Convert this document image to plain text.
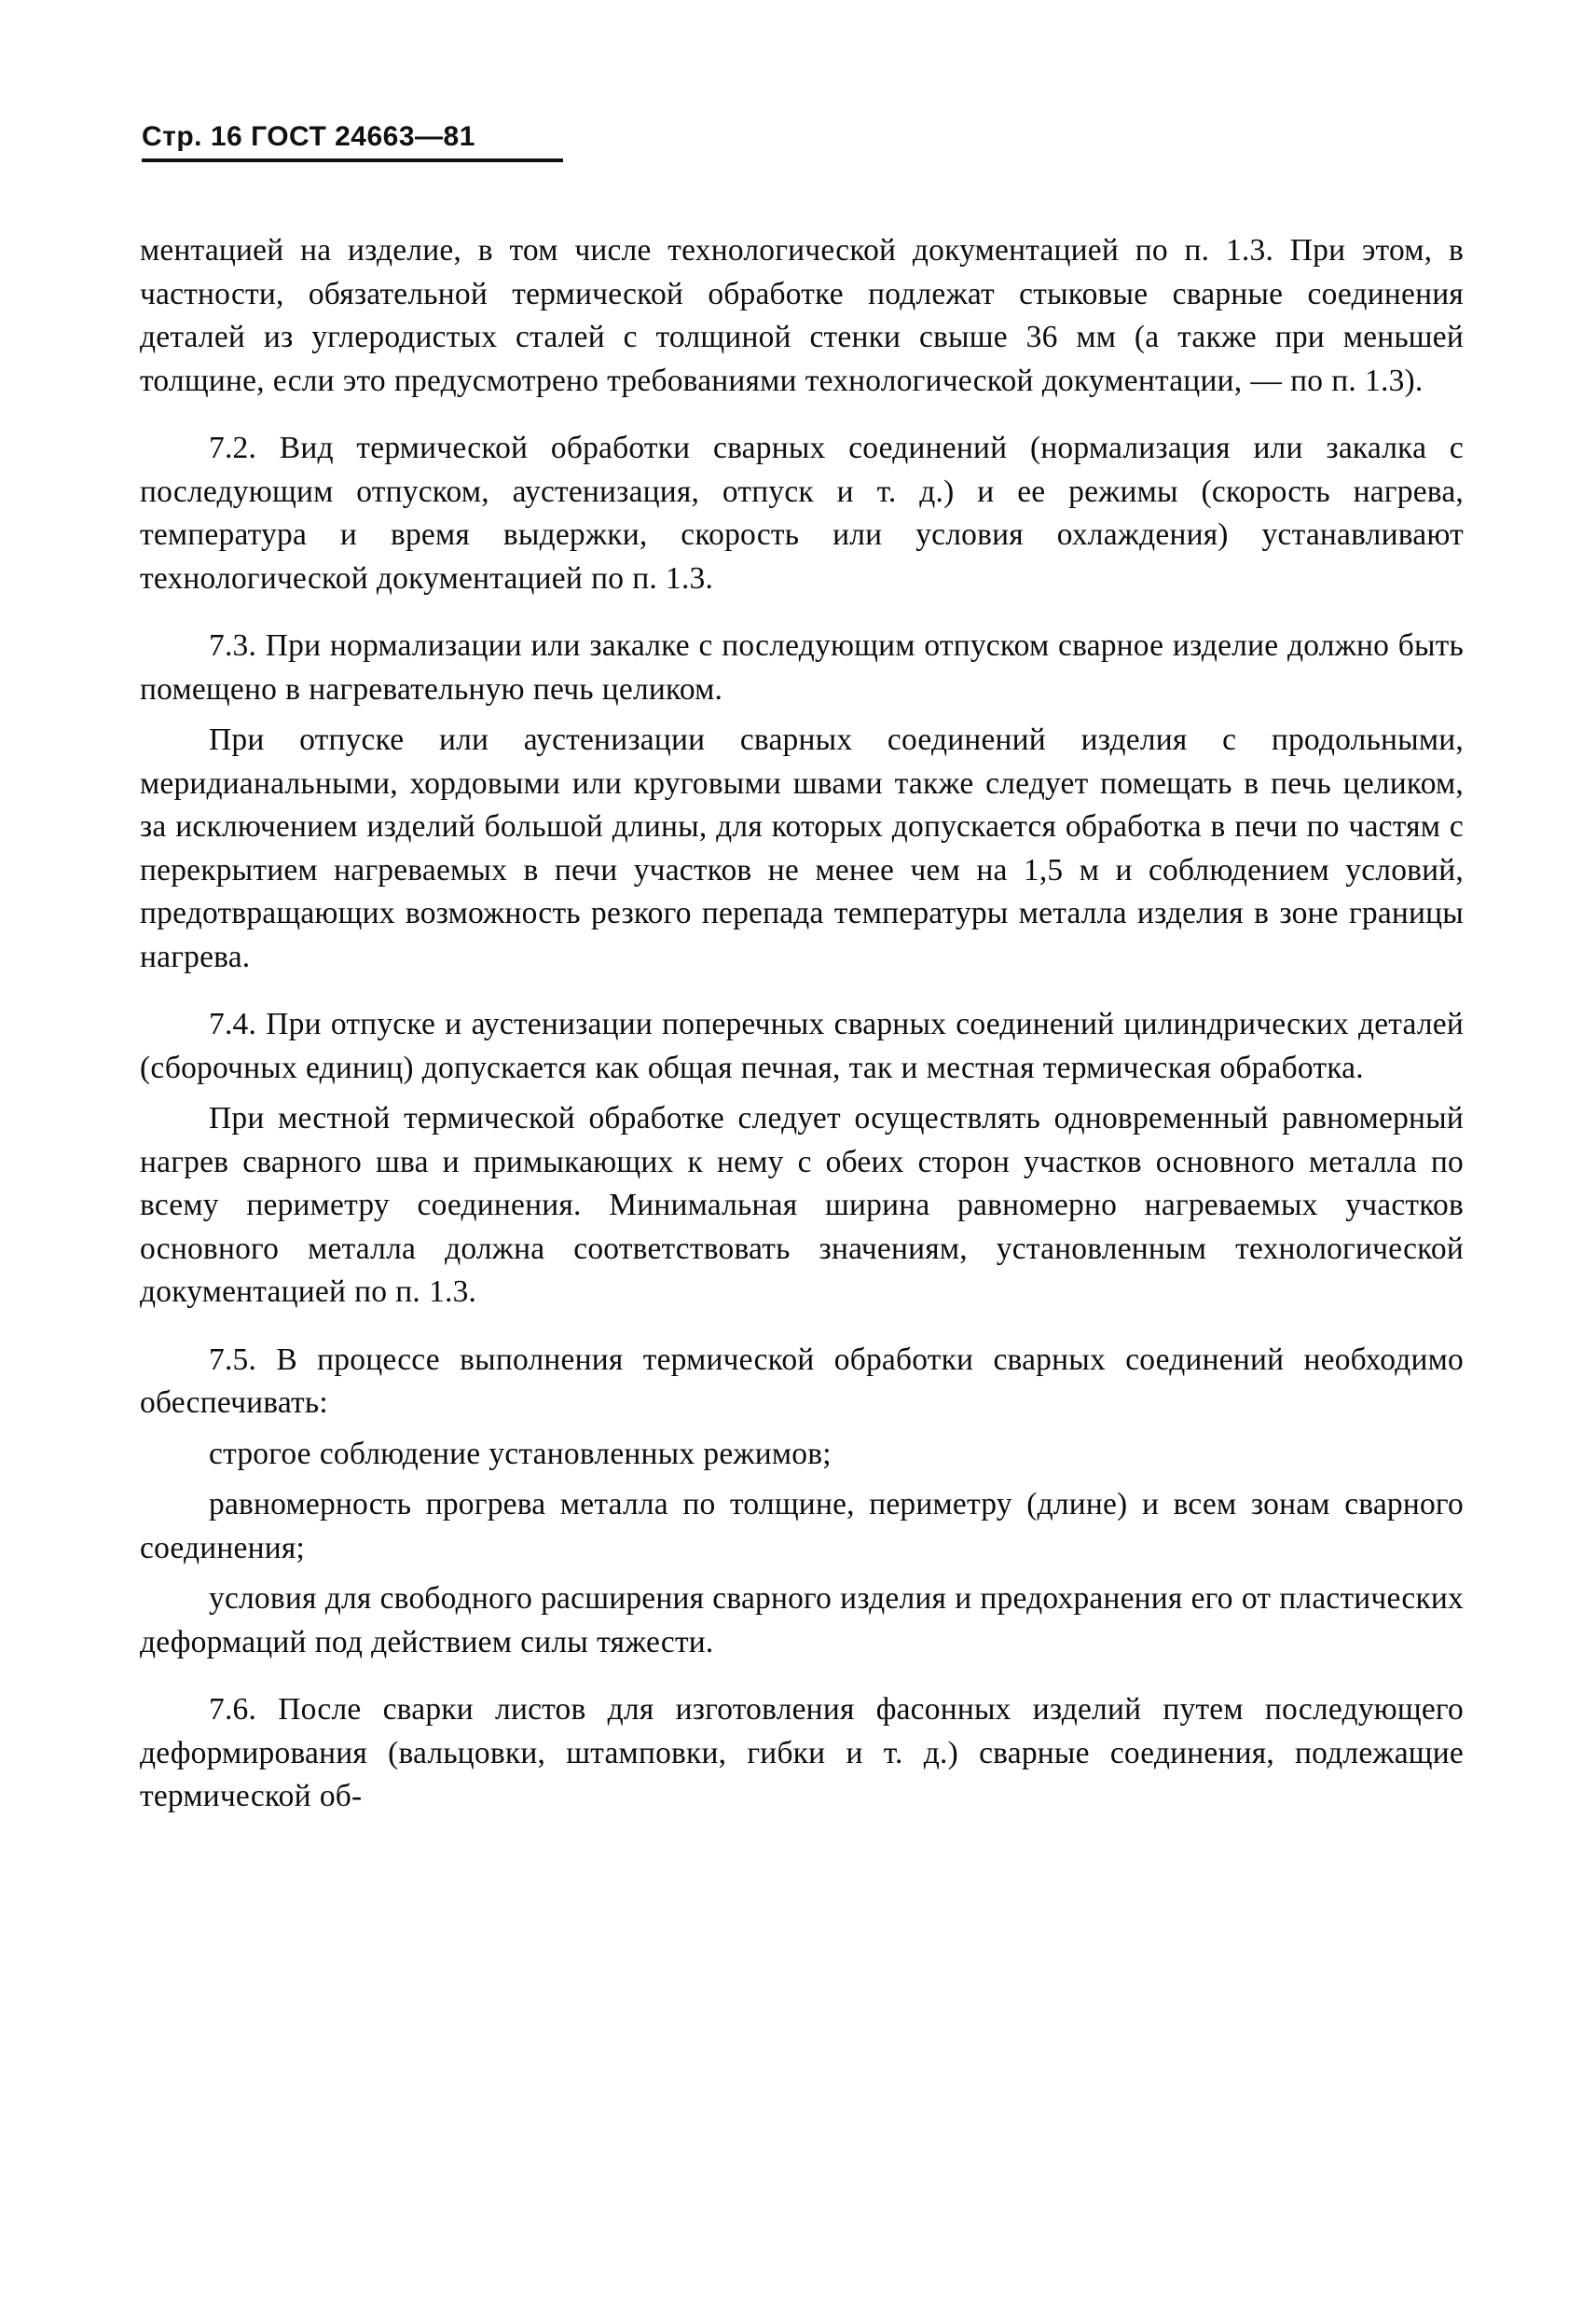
Стр. 16 ГОСТ 24663—81

ментацией на изделие, в том числе технологической документацией по п. 1.3. При этом, в частности, обязательной термической обработке подлежат стыковые сварные соединения деталей из углеродистых сталей с толщиной стенки свыше 36 мм (а также при меньшей толщине, если это предусмотрено требованиями технологической документации, — по п. 1.3).

7.2. Вид термической обработки сварных соединений (нормализация или закалка с последующим отпуском, аустенизация, отпуск и т. д.) и ее режимы (скорость нагрева, температура и время выдержки, скорость или условия охлаждения) устанавливают технологической документацией по п. 1.3.

7.3. При нормализации или закалке с последующим отпуском сварное изделие должно быть помещено в нагревательную печь целиком.

При отпуске или аустенизации сварных соединений изделия с продольными, меридианальными, хордовыми или круговыми швами также следует помещать в печь целиком, за исключением изделий большой длины, для которых допускается обработка в печи по частям с перекрытием нагреваемых в печи участков не менее чем на 1,5 м и соблюдением условий, предотвращающих возможность резкого перепада температуры металла изделия в зоне границы нагрева.

7.4. При отпуске и аустенизации поперечных сварных соединений цилиндрических деталей (сборочных единиц) допускается как общая печная, так и местная термическая обработка.

При местной термической обработке следует осуществлять одновременный равномерный нагрев сварного шва и примыкающих к нему с обеих сторон участков основного металла по всему периметру соединения. Минимальная ширина равномерно нагреваемых участков основного металла должна соответствовать значениям, установленным технологической документацией по п. 1.3.

7.5. В процессе выполнения термической обработки сварных соединений необходимо обеспечивать:

строгое соблюдение установленных режимов;

равномерность прогрева металла по толщине, периметру (длине) и всем зонам сварного соединения;

условия для свободного расширения сварного изделия и предохранения его от пластических деформаций под действием силы тяжести.

7.6. После сварки листов для изготовления фасонных изделий путем последующего деформирования (вальцовки, штамповки, гибки и т. д.) сварные соединения, подлежащие термической об-
